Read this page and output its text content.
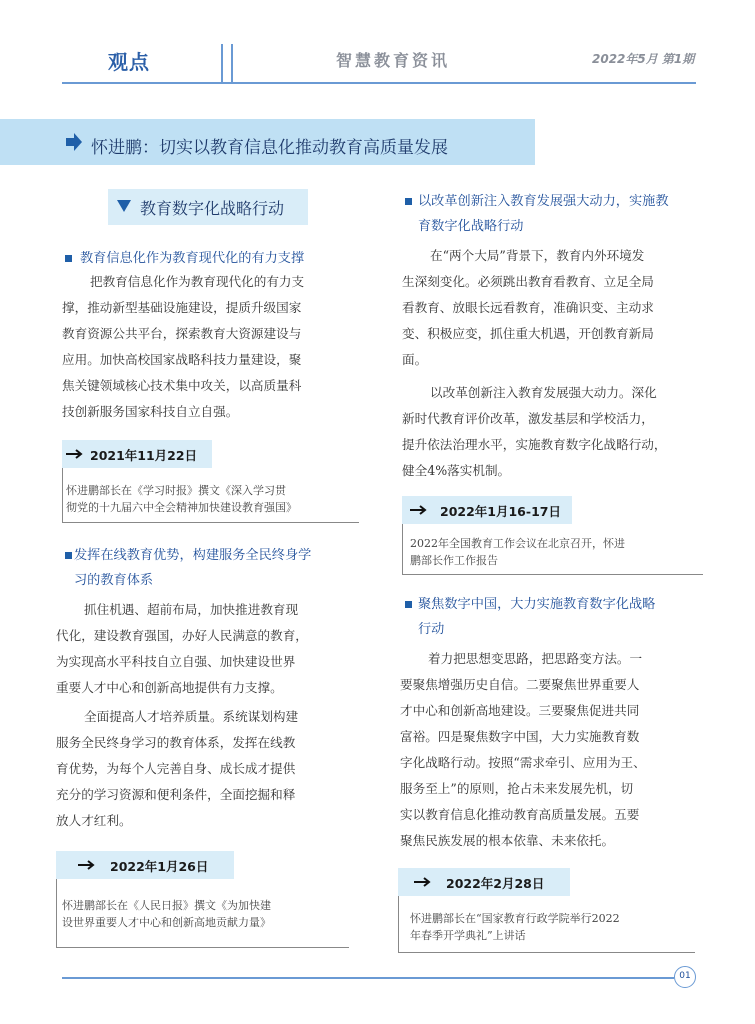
观点	智慧教育资讯	2022年5月 第1期
怀进鹏：切实以教育信息化推动教育高质量发展
教育数字化战略行动
教育信息化作为教育现代化的有力支撑
把教育信息化作为教育现代化的有力支
撑，推动新型基础设施建设，提质升级国家
教育资源公共平台，探索教育大资源建设与
应用。加快高校国家战略科技力量建设，聚
焦关键领域核心技术集中攻关，以高质量科
技创新服务国家科技自立自强。
2021年11月22日
怀进鹏部长在《学习时报》撰文《深入学习贯
彻党的十九届六中全会精神加快建设教育强国》
发挥在线教育优势，构建服务全民终身学
习的教育体系
抓住机遇、超前布局，加快推进教育现
代化，建设教育强国，办好人民满意的教育，
为实现高水平科技自立自强、加快建设世界
重要人才中心和创新高地提供有力支撑。
全面提高人才培养质量。系统谋划构建
服务全民终身学习的教育体系，发挥在线教
育优势，为每个人完善自身、成长成才提供
充分的学习资源和便利条件，全面挖掘和释
放人才红利。
2022年1月26日
怀进鹏部长在《人民日报》撰文《为加快建
设世界重要人才中心和创新高地贡献力量》
以改革创新注入教育发展强大动力，实施教
育数字化战略行动
在“两个大局”背景下，教育内外环境发
生深刻变化。必须跳出教育看教育、立足全局
看教育、放眼长远看教育，准确识变、主动求
变、积极应变，抓住重大机遇，开创教育新局
面。
以改革创新注入教育发展强大动力。深化
新时代教育评价改革，激发基层和学校活力，
提升依法治理水平，实施教育数字化战略行动，
健全4%落实机制。
2022年1月16-17日
2022年全国教育工作会议在北京召开，怀进
鹏部长作工作报告
聚焦数字中国，大力实施教育数字化战略
行动
着力把思想变思路，把思路变方法。一
要聚焦增强历史自信。二要聚焦世界重要人
才中心和创新高地建设。三要聚焦促进共同
富裕。四是聚焦数字中国，大力实施教育数
字化战略行动。按照“需求牵引、应用为王、
服务至上”的原则，抢占未来发展先机，切
实以教育信息化推动教育高质量发展。五要
聚焦民族发展的根本依靠、未来依托。
2022年2月28日
怀进鹏部长在“国家教育行政学院举行2022
年春季开学典礼”上讲话
01
